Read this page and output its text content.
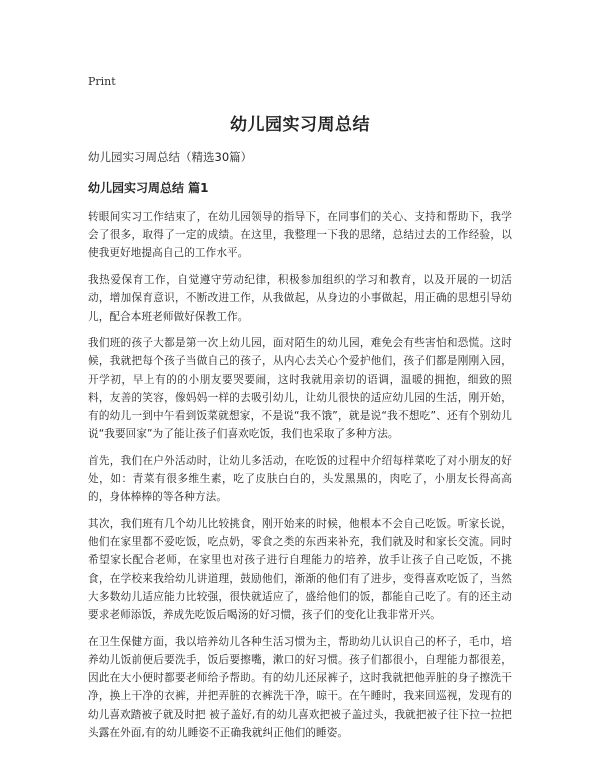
Print
幼儿园实习周总结
幼儿园实习周总结（精选30篇）
幼儿园实习周总结 篇1

转眼间实习工作结束了，在幼儿园领导的指导下，在同事们的关心、支持和帮助下，我学会了很多，取得了一定的成绩。在这里，我整理一下我的思绪，总结过去的工作经验，以使我更好地提高自己的工作水平。

我热爱保育工作，自觉遵守劳动纪律，积极参加组织的学习和教育，以及开展的一切活动，增加保育意识，不断改进工作，从我做起，从身边的小事做起，用正确的思想引导幼儿，配合本班老师做好保教工作。

我们班的孩子大都是第一次上幼儿园，面对陌生的幼儿园，难免会有些害怕和恐慌。这时候，我就把每个孩子当做自己的孩子，从内心去关心个爱护他们，孩子们都是刚刚入园，开学初，早上有的的小朋友要哭要闹，这时我就用亲切的语调，温暖的拥抱，细致的照料，友善的笑容，像妈妈一样的去吸引幼儿，让幼儿很快的适应幼儿园的生活，刚开始，有的幼儿一到中午看到饭菜就想家，不是说“我不饿”，就是说“我不想吃”、还有个别幼儿说“我要回家”为了能让孩子们喜欢吃饭，我们也采取了多种方法。

首先，我们在户外活动时，让幼儿多活动，在吃饭的过程中介绍每样菜吃了对小朋友的好处，如：青菜有很多维生素，吃了皮肤白白的，头发黑黑的，肉吃了，小朋友长得高高的，身体棒棒的等各种方法。

其次，我们班有几个幼儿比较挑食，刚开始来的时候，他根本不会自己吃饭。听家长说，他们在家里都不爱吃饭，吃点奶，零食之类的东西来补充，我们就及时和家长交流。同时希望家长配合老师，在家里也对孩子进行自理能力的培养，放手让孩子自己吃饭，不挑食，在学校来我给幼儿讲道理，鼓励他们，渐渐的他们有了进步，变得喜欢吃饭了，当然大多数幼儿适应能力比较强，很快就适应了，盛给他们的饭，都能自己吃了。有的还主动要求老师添饭，养成先吃饭后喝汤的好习惯，孩子们的变化让我非常开兴。

在卫生保健方面，我以培养幼儿各种生活习惯为主，帮助幼儿认识自己的杯子，毛巾，培养幼儿饭前便后要洗手，饭后要擦嘴，漱口的好习惯。孩子们都很小，自理能力都很差，因此在大小便时都要老师给予帮助。有的幼儿还尿裤子，这时我就把他弄脏的身子擦洗干净，换上干净的衣裤，并把弄脏的衣裤洗干净，晾干。在午睡时，我来回巡视，发现有的幼儿喜欢踏被子就及时把 被子盖好,有的幼儿喜欢把被子盖过头，我就把被子往下拉一拉把头露在外面,有的幼儿睡姿不正确我就纠正他们的睡姿。
